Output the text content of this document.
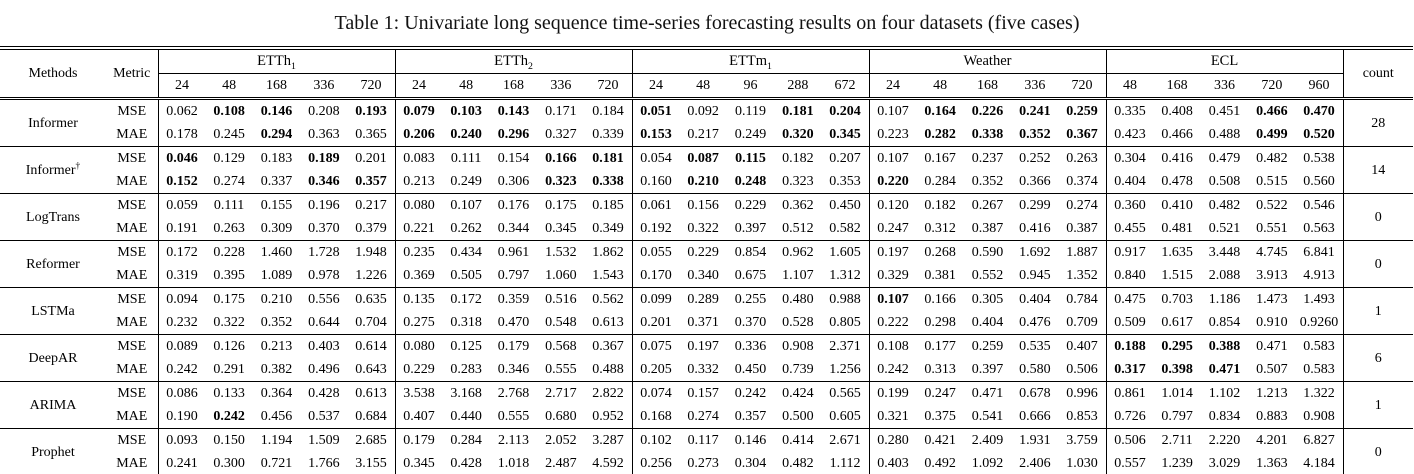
Table 1: Univariate long sequence time-series forecasting results on four datasets (five cases)
Methods	Metric	ETTh$_1$					ETTh$_2$					ETTm$_1$					Weather					ECL					count
		24	48	168	336	720	24	48	168	336	720	24	48	96	288	672	24	48	168	336	720	48	168	336	720	960	
Informer	MSE	0.062	0.108	0.146	0.208	0.193	0.079	0.103	0.143	0.171	0.184	0.051	0.092	0.119	0.181	0.204	0.107	0.164	0.226	0.241	0.259	0.335	0.408	0.451	0.466	0.470	28
	MAE	0.178	0.245	0.294	0.363	0.365	0.206	0.240	0.296	0.327	0.339	0.153	0.217	0.249	0.320	0.345	0.223	0.282	0.338	0.352	0.367	0.423	0.466	0.488	0.499	0.520	
Informer†	MSE	0.046	0.129	0.183	0.189	0.201	0.083	0.111	0.154	0.166	0.181	0.054	0.087	0.115	0.182	0.207	0.107	0.167	0.237	0.252	0.263	0.304	0.416	0.479	0.482	0.538	14
	MAE	0.152	0.274	0.337	0.346	0.357	0.213	0.249	0.306	0.323	0.338	0.160	0.210	0.248	0.323	0.353	0.220	0.284	0.352	0.366	0.374	0.404	0.478	0.508	0.515	0.560	
LogTrans	MSE	0.059	0.111	0.155	0.196	0.217	0.080	0.107	0.176	0.175	0.185	0.061	0.156	0.229	0.362	0.450	0.120	0.182	0.267	0.299	0.274	0.360	0.410	0.482	0.522	0.546	0
	MAE	0.191	0.263	0.309	0.370	0.379	0.221	0.262	0.344	0.345	0.349	0.192	0.322	0.397	0.512	0.582	0.247	0.312	0.387	0.416	0.387	0.455	0.481	0.521	0.551	0.563	
Reformer	MSE	0.172	0.228	1.460	1.728	1.948	0.235	0.434	0.961	1.532	1.862	0.055	0.229	0.854	0.962	1.605	0.197	0.268	0.590	1.692	1.887	0.917	1.635	3.448	4.745	6.841	0
	MAE	0.319	0.395	1.089	0.978	1.226	0.369	0.505	0.797	1.060	1.543	0.170	0.340	0.675	1.107	1.312	0.329	0.381	0.552	0.945	1.352	0.840	1.515	2.088	3.913	4.913	
LSTMa	MSE	0.094	0.175	0.210	0.556	0.635	0.135	0.172	0.359	0.516	0.562	0.099	0.289	0.255	0.480	0.988	0.107	0.166	0.305	0.404	0.784	0.475	0.703	1.186	1.473	1.493	1
	MAE	0.232	0.322	0.352	0.644	0.704	0.275	0.318	0.470	0.548	0.613	0.201	0.371	0.370	0.528	0.805	0.222	0.298	0.404	0.476	0.709	0.509	0.617	0.854	0.910	0.9260	
DeepAR	MSE	0.089	0.126	0.213	0.403	0.614	0.080	0.125	0.179	0.568	0.367	0.075	0.197	0.336	0.908	2.371	0.108	0.177	0.259	0.535	0.407	0.188	0.295	0.388	0.471	0.583	6
	MAE	0.242	0.291	0.382	0.496	0.643	0.229	0.283	0.346	0.555	0.488	0.205	0.332	0.450	0.739	1.256	0.242	0.313	0.397	0.580	0.506	0.317	0.398	0.471	0.507	0.583	
ARIMA	MSE	0.086	0.133	0.364	0.428	0.613	3.538	3.168	2.768	2.717	2.822	0.074	0.157	0.242	0.424	0.565	0.199	0.247	0.471	0.678	0.996	0.861	1.014	1.102	1.213	1.322	1
	MAE	0.190	0.242	0.456	0.537	0.684	0.407	0.440	0.555	0.680	0.952	0.168	0.274	0.357	0.500	0.605	0.321	0.375	0.541	0.666	0.853	0.726	0.797	0.834	0.883	0.908	
Prophet	MSE	0.093	0.150	1.194	1.509	2.685	0.179	0.284	2.113	2.052	3.287	0.102	0.117	0.146	0.414	2.671	0.280	0.421	2.409	1.931	3.759	0.506	2.711	2.220	4.201	6.827	0
	MAE	0.241	0.300	0.721	1.766	3.155	0.345	0.428	1.018	2.487	4.592	0.256	0.273	0.304	0.482	1.112	0.403	0.492	1.092	2.406	1.030	0.557	1.239	3.029	1.363	4.184	
